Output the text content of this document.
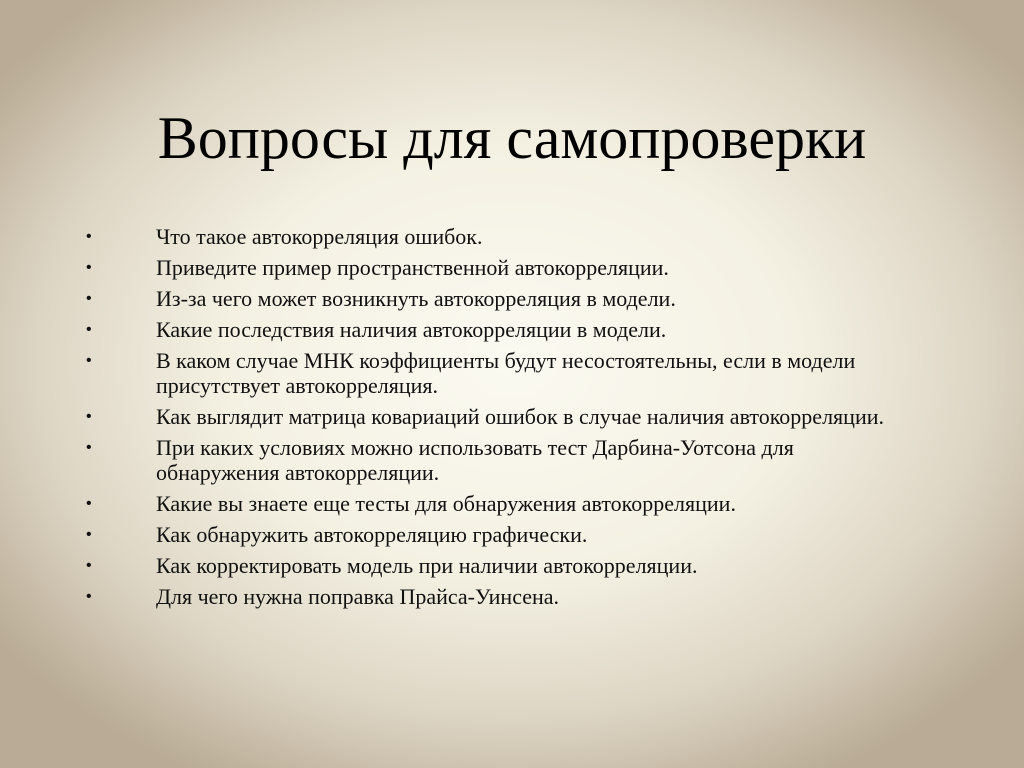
Вопросы для самопроверки
•	Что такое автокорреляция ошибок.
•	Приведите пример пространственной автокорреляции.
•	Из-за чего может возникнуть автокорреляция в модели.
•	Какие последствия наличия автокорреляции в модели.
•	В каком случае МНК коэффициенты будут несостоятельны, если в модели присутствует автокорреляция.
•	Как выглядит матрица ковариаций ошибок в случае наличия автокорреляции.
•	При каких условиях можно использовать тест Дарбина-Уотсона для обнаружения автокорреляции.
•	Какие вы знаете еще тесты для обнаружения автокорреляции.
•	Как обнаружить автокорреляцию графически.
•	Как корректировать модель при наличии автокорреляции.
•	Для чего нужна поправка Прайса-Уинсена.
